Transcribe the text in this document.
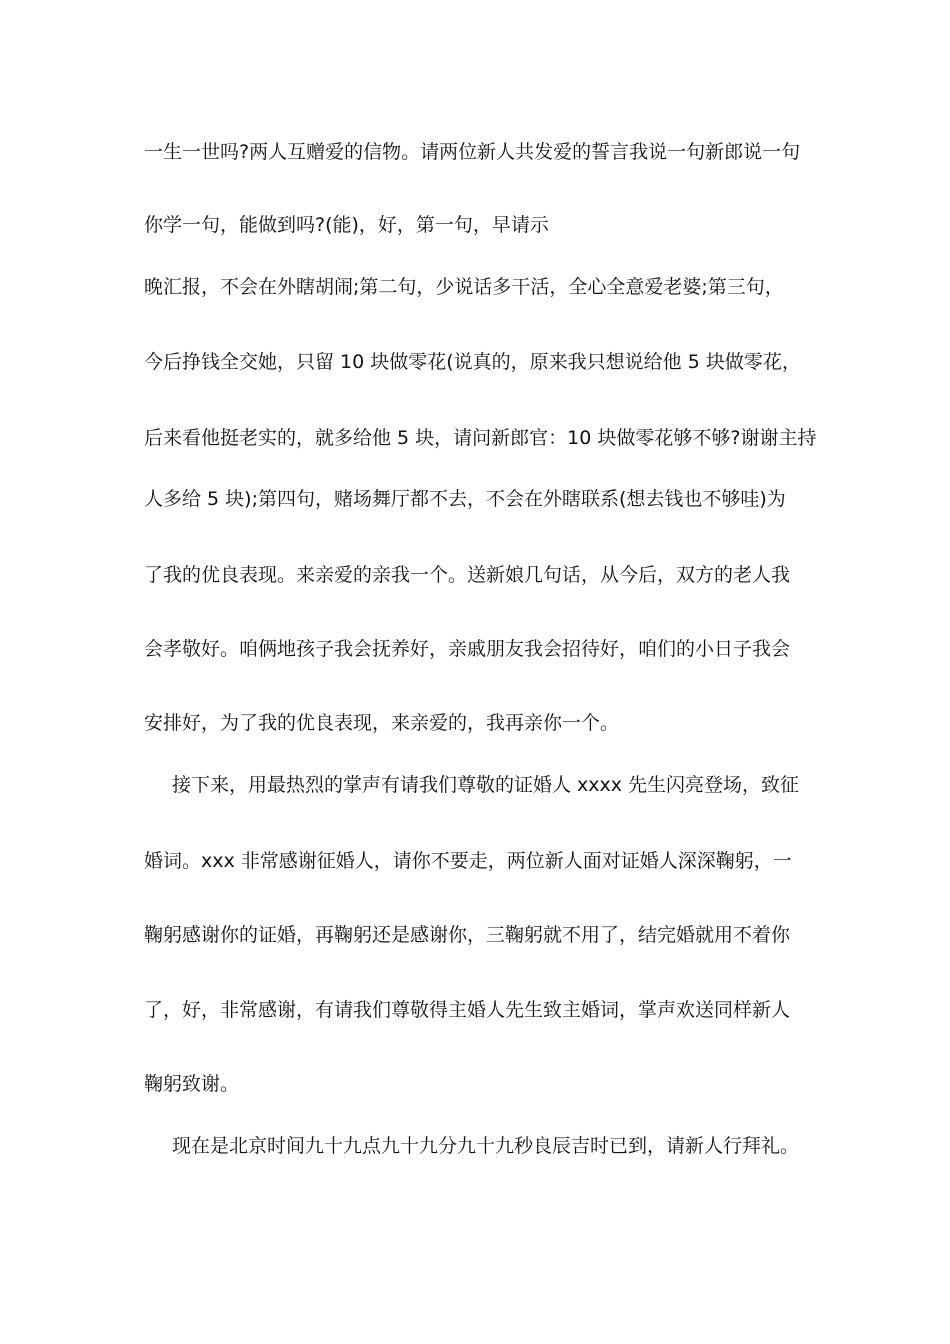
一生一世吗?两人互赠爱的信物。请两位新人共发爱的誓言我说一句新郎说一句
你学一句，能做到吗?(能)，好，第一句，早请示
晚汇报，不会在外瞎胡闹;第二句，少说话多干活，全心全意爱老婆;第三句，
今后挣钱全交她，只留 10 块做零花(说真的，原来我只想说给他 5 块做零花，
后来看他挺老实的，就多给他 5 块，请问新郎官：10 块做零花够不够?谢谢主持
人多给 5 块);第四句，赌场舞厅都不去，不会在外瞎联系(想去钱也不够哇)为
了我的优良表现。来亲爱的亲我一个。送新娘几句话，从今后，双方的老人我
会孝敬好。咱俩地孩子我会抚养好，亲戚朋友我会招待好，咱们的小日子我会
安排好，为了我的优良表现，来亲爱的，我再亲你一个。
接下来，用最热烈的掌声有请我们尊敬的证婚人 xxxx 先生闪亮登场，致征
婚词。xxx 非常感谢征婚人，请你不要走，两位新人面对证婚人深深鞠躬，一
鞠躬感谢你的证婚，再鞠躬还是感谢你，三鞠躬就不用了，结完婚就用不着你
了，好，非常感谢，有请我们尊敬得主婚人先生致主婚词，掌声欢送同样新人
鞠躬致谢。
现在是北京时间九十九点九十九分九十九秒良辰吉时已到，请新人行拜礼。
